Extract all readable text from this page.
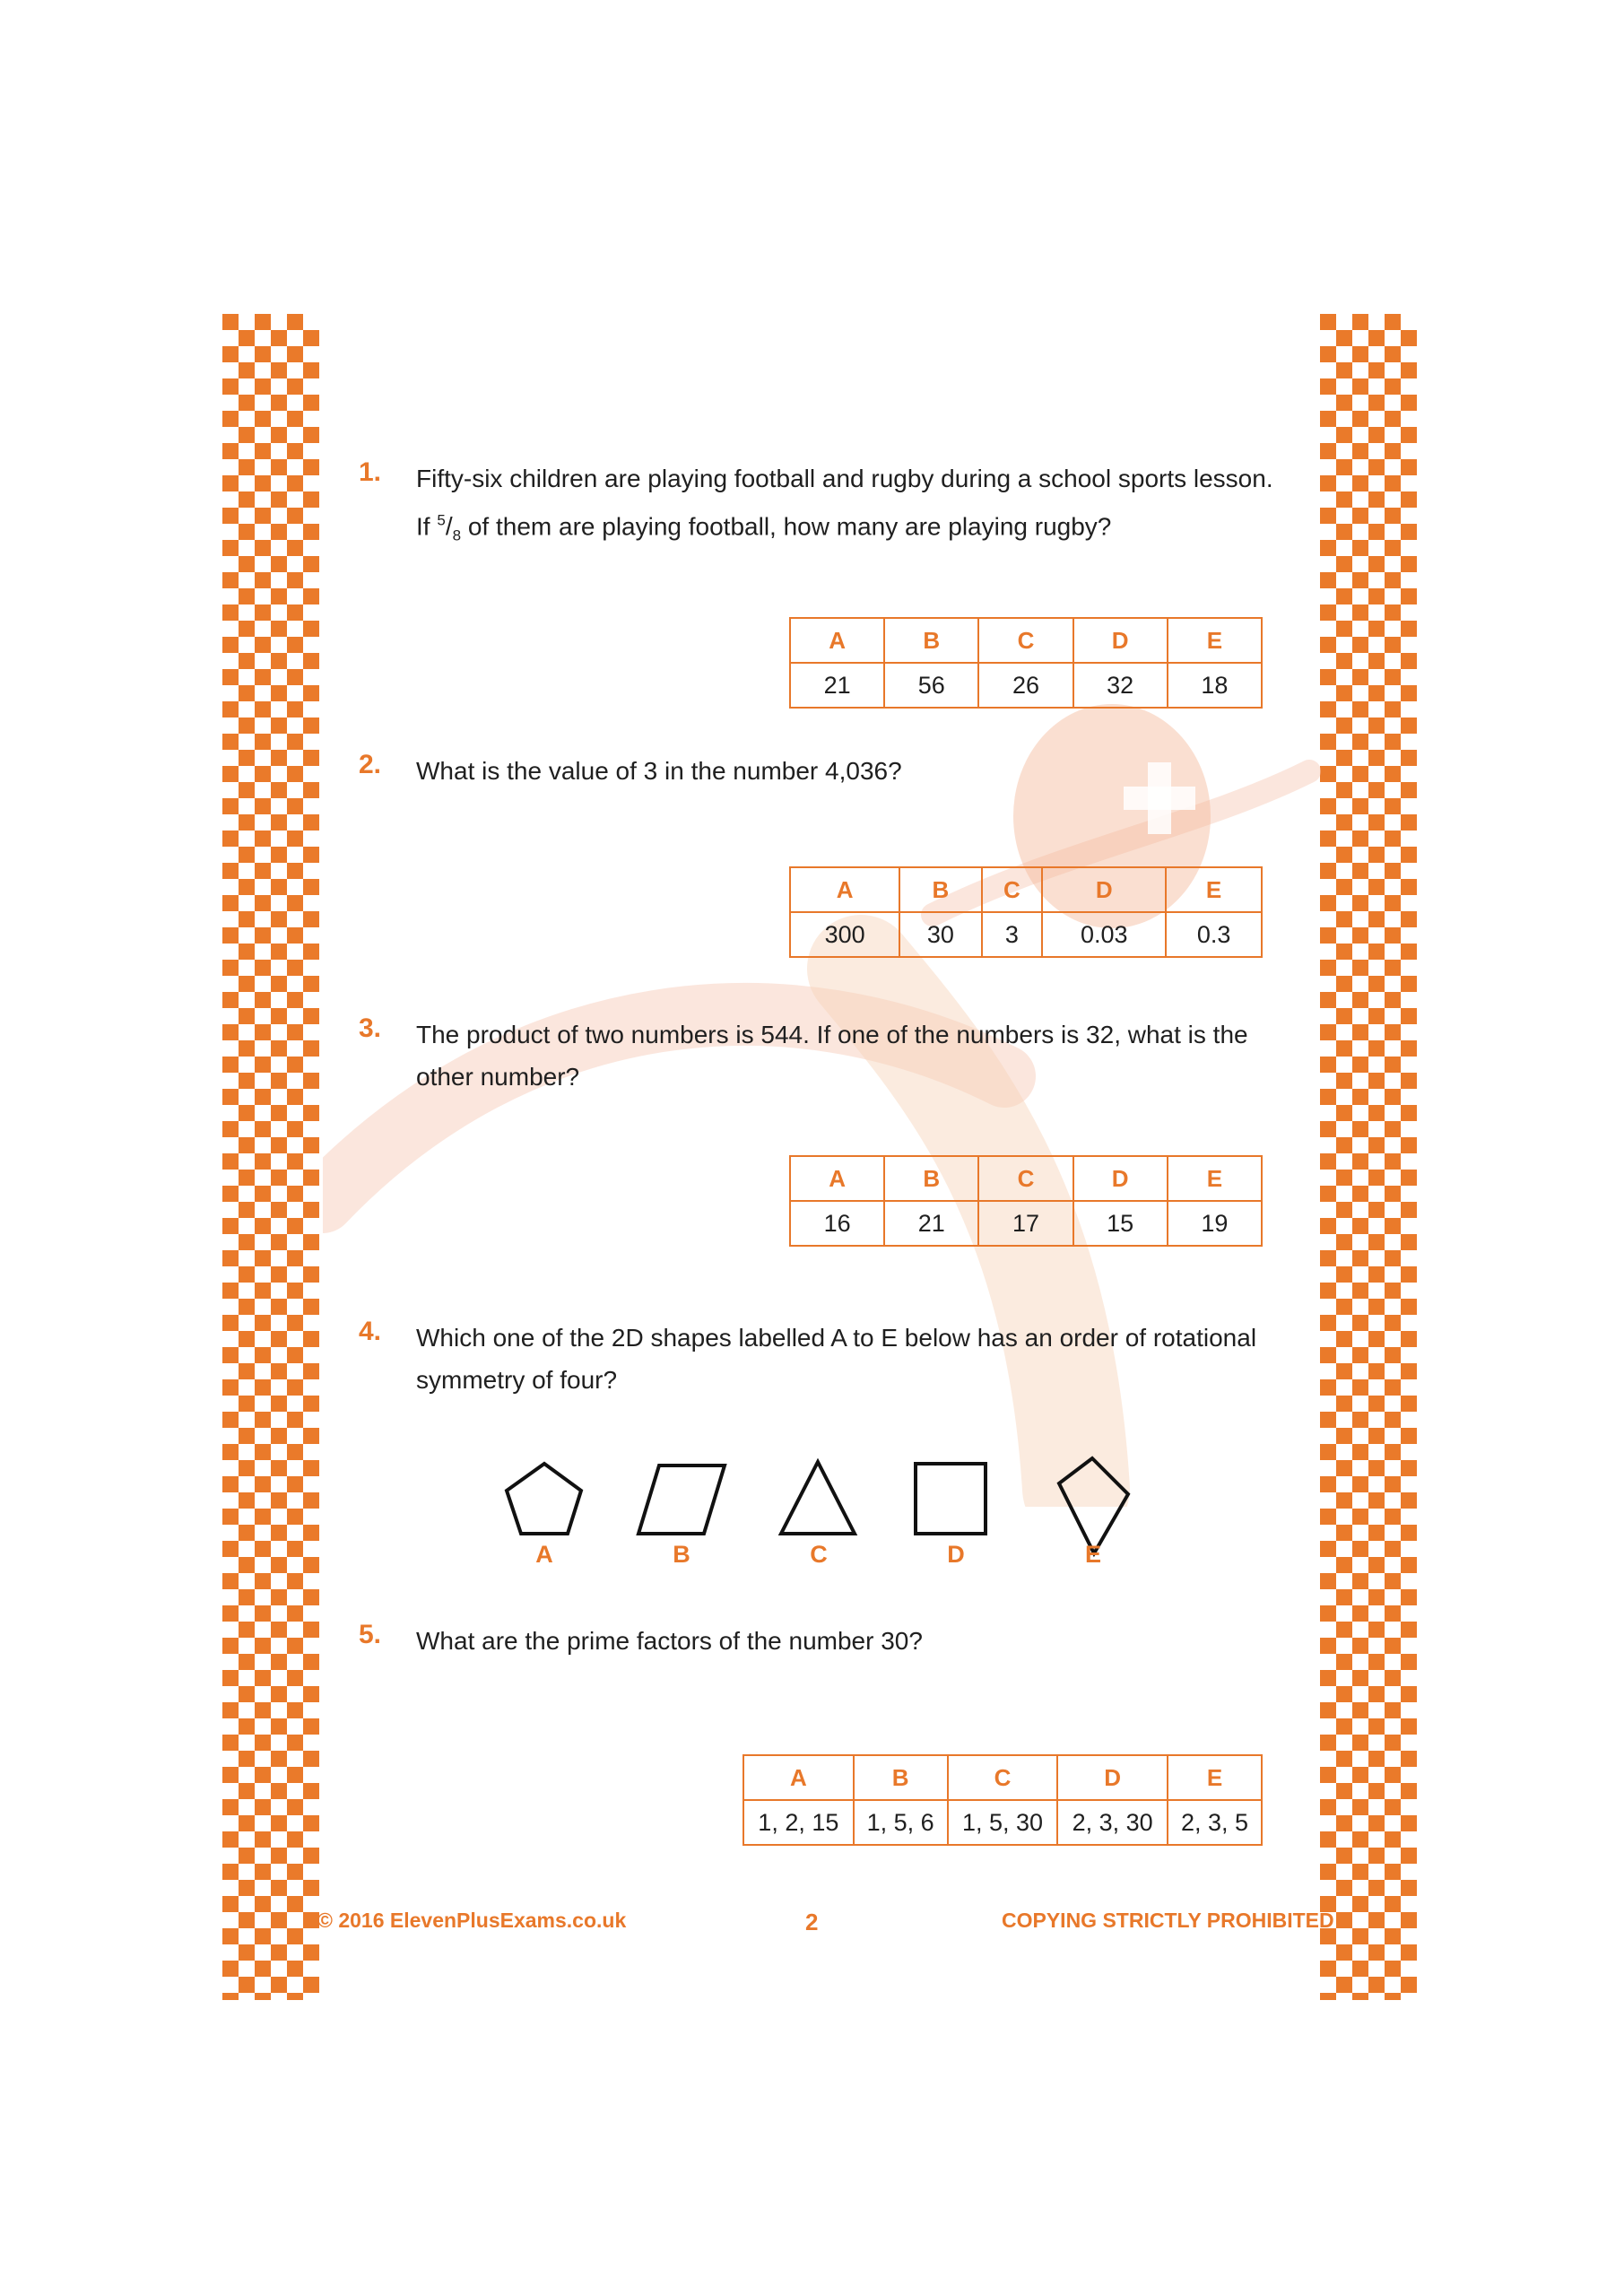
1. Fifty-six children are playing football and rugby during a school sports lesson.
If $^5/_8$ of them are playing football, how many are playing rugby?
A	B	C	D	E
21	56	26	32	18
2. What is the value of 3 in the number 4,036?
A	B	C	D	E
300	30	3	0.03	0.3
3. The product of two numbers is 544. If one of the numbers is 32, what is the other number?
A	B	C	D	E
16	21	17	15	19
4. Which one of the 2D shapes labelled A to E below has an order of rotational symmetry of four?
A	B	C	D	E
5. What are the prime factors of the number 30?
A	B	C	D	E
1, 2, 15	1, 5, 6	1, 5, 30	2, 3, 30	2, 3, 5
© 2016 ElevenPlusExams.co.uk	2	COPYING STRICTLY PROHIBITED
